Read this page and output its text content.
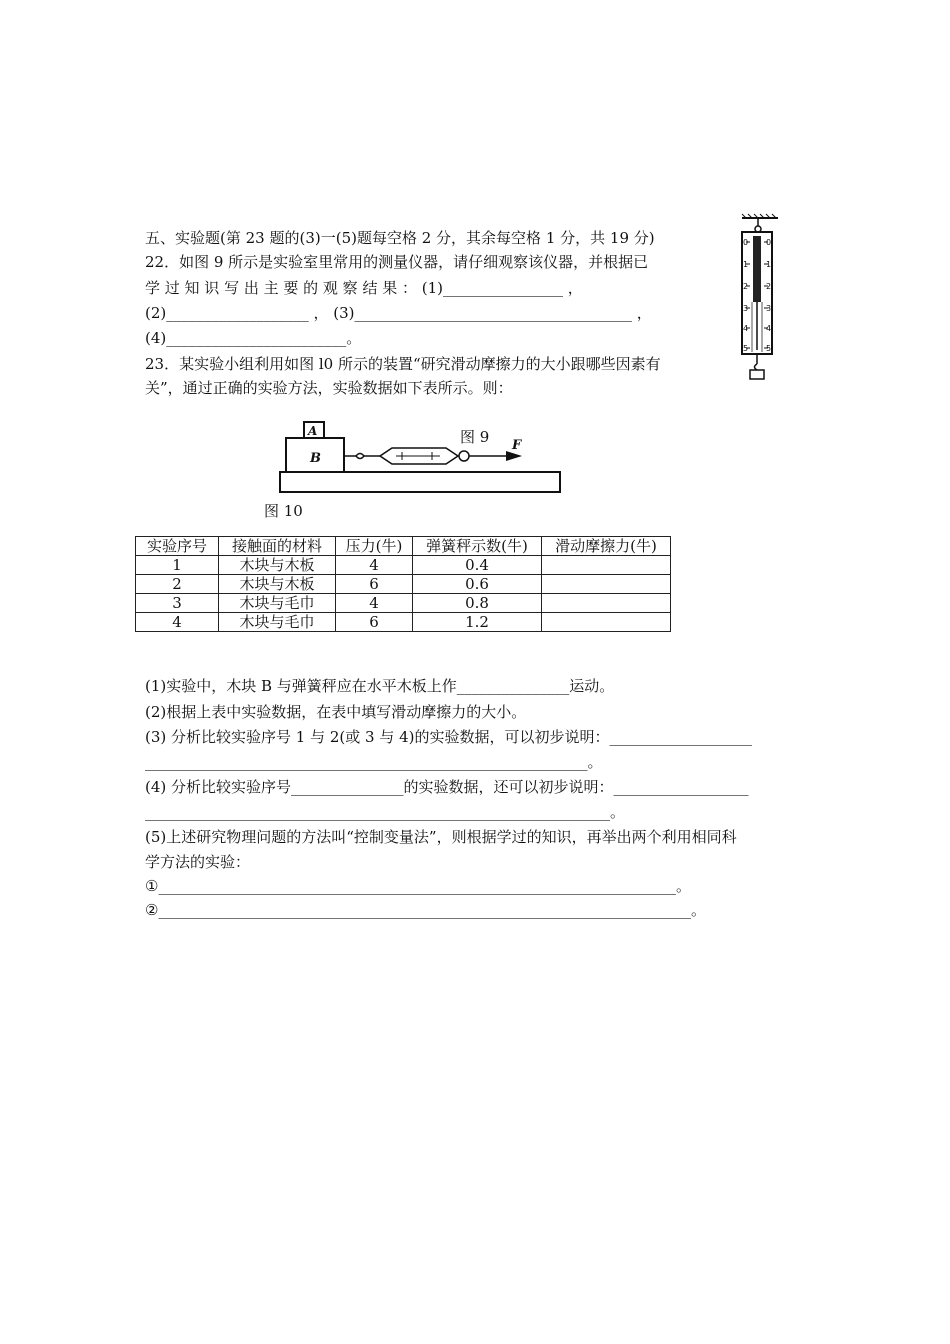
五、实验题(第 23 题的(3)一(5)题每空格 2 分，其余每空格 1 分，共 19 分)
22．如图 9 所示是实验室里常用的测量仪器，请仔细观察该仪器，并根据已
学 过 知 识 写 出 主 要 的 观 察 结 果 ： (1)________________ ，
(2)___________________ ， (3)_____________________________________ ，
(4)________________________。
23．某实验小组利用如图 l0 所示的装置“研究滑动摩擦力的大小跟哪些因素有
关”，通过正确的实验方法，实验数据如下表所示。则：
0 0
1 1
2 2
3 3
4 4
5 5
B
A
F
图 9
图 10
实验序号	接触面的材料	压力(牛)	弹簧秤示数(牛)	滑动摩擦力(牛)
1	木块与木板	4	0.4	
2	木块与木板	6	0.6	
3	木块与毛巾	4	0.8	
4	木块与毛巾	6	1.2	
(1)实验中，木块 B 与弹簧秤应在水平木板上作_______________运动。
(2)根据上表中实验数据，在表中填写滑动摩擦力的大小。
(3) 分析比较实验序号 1 与 2(或 3 与 4)的实验数据，可以初步说明：___________________
___________________________________________________________。
(4) 分析比较实验序号_______________的实验数据，还可以初步说明：__________________
______________________________________________________________。
(5)上述研究物理问题的方法叫“控制变量法”，则根据学过的知识，再举出两个利用相同科
学方法的实验：
①_____________________________________________________________________。
②_______________________________________________________________________。
